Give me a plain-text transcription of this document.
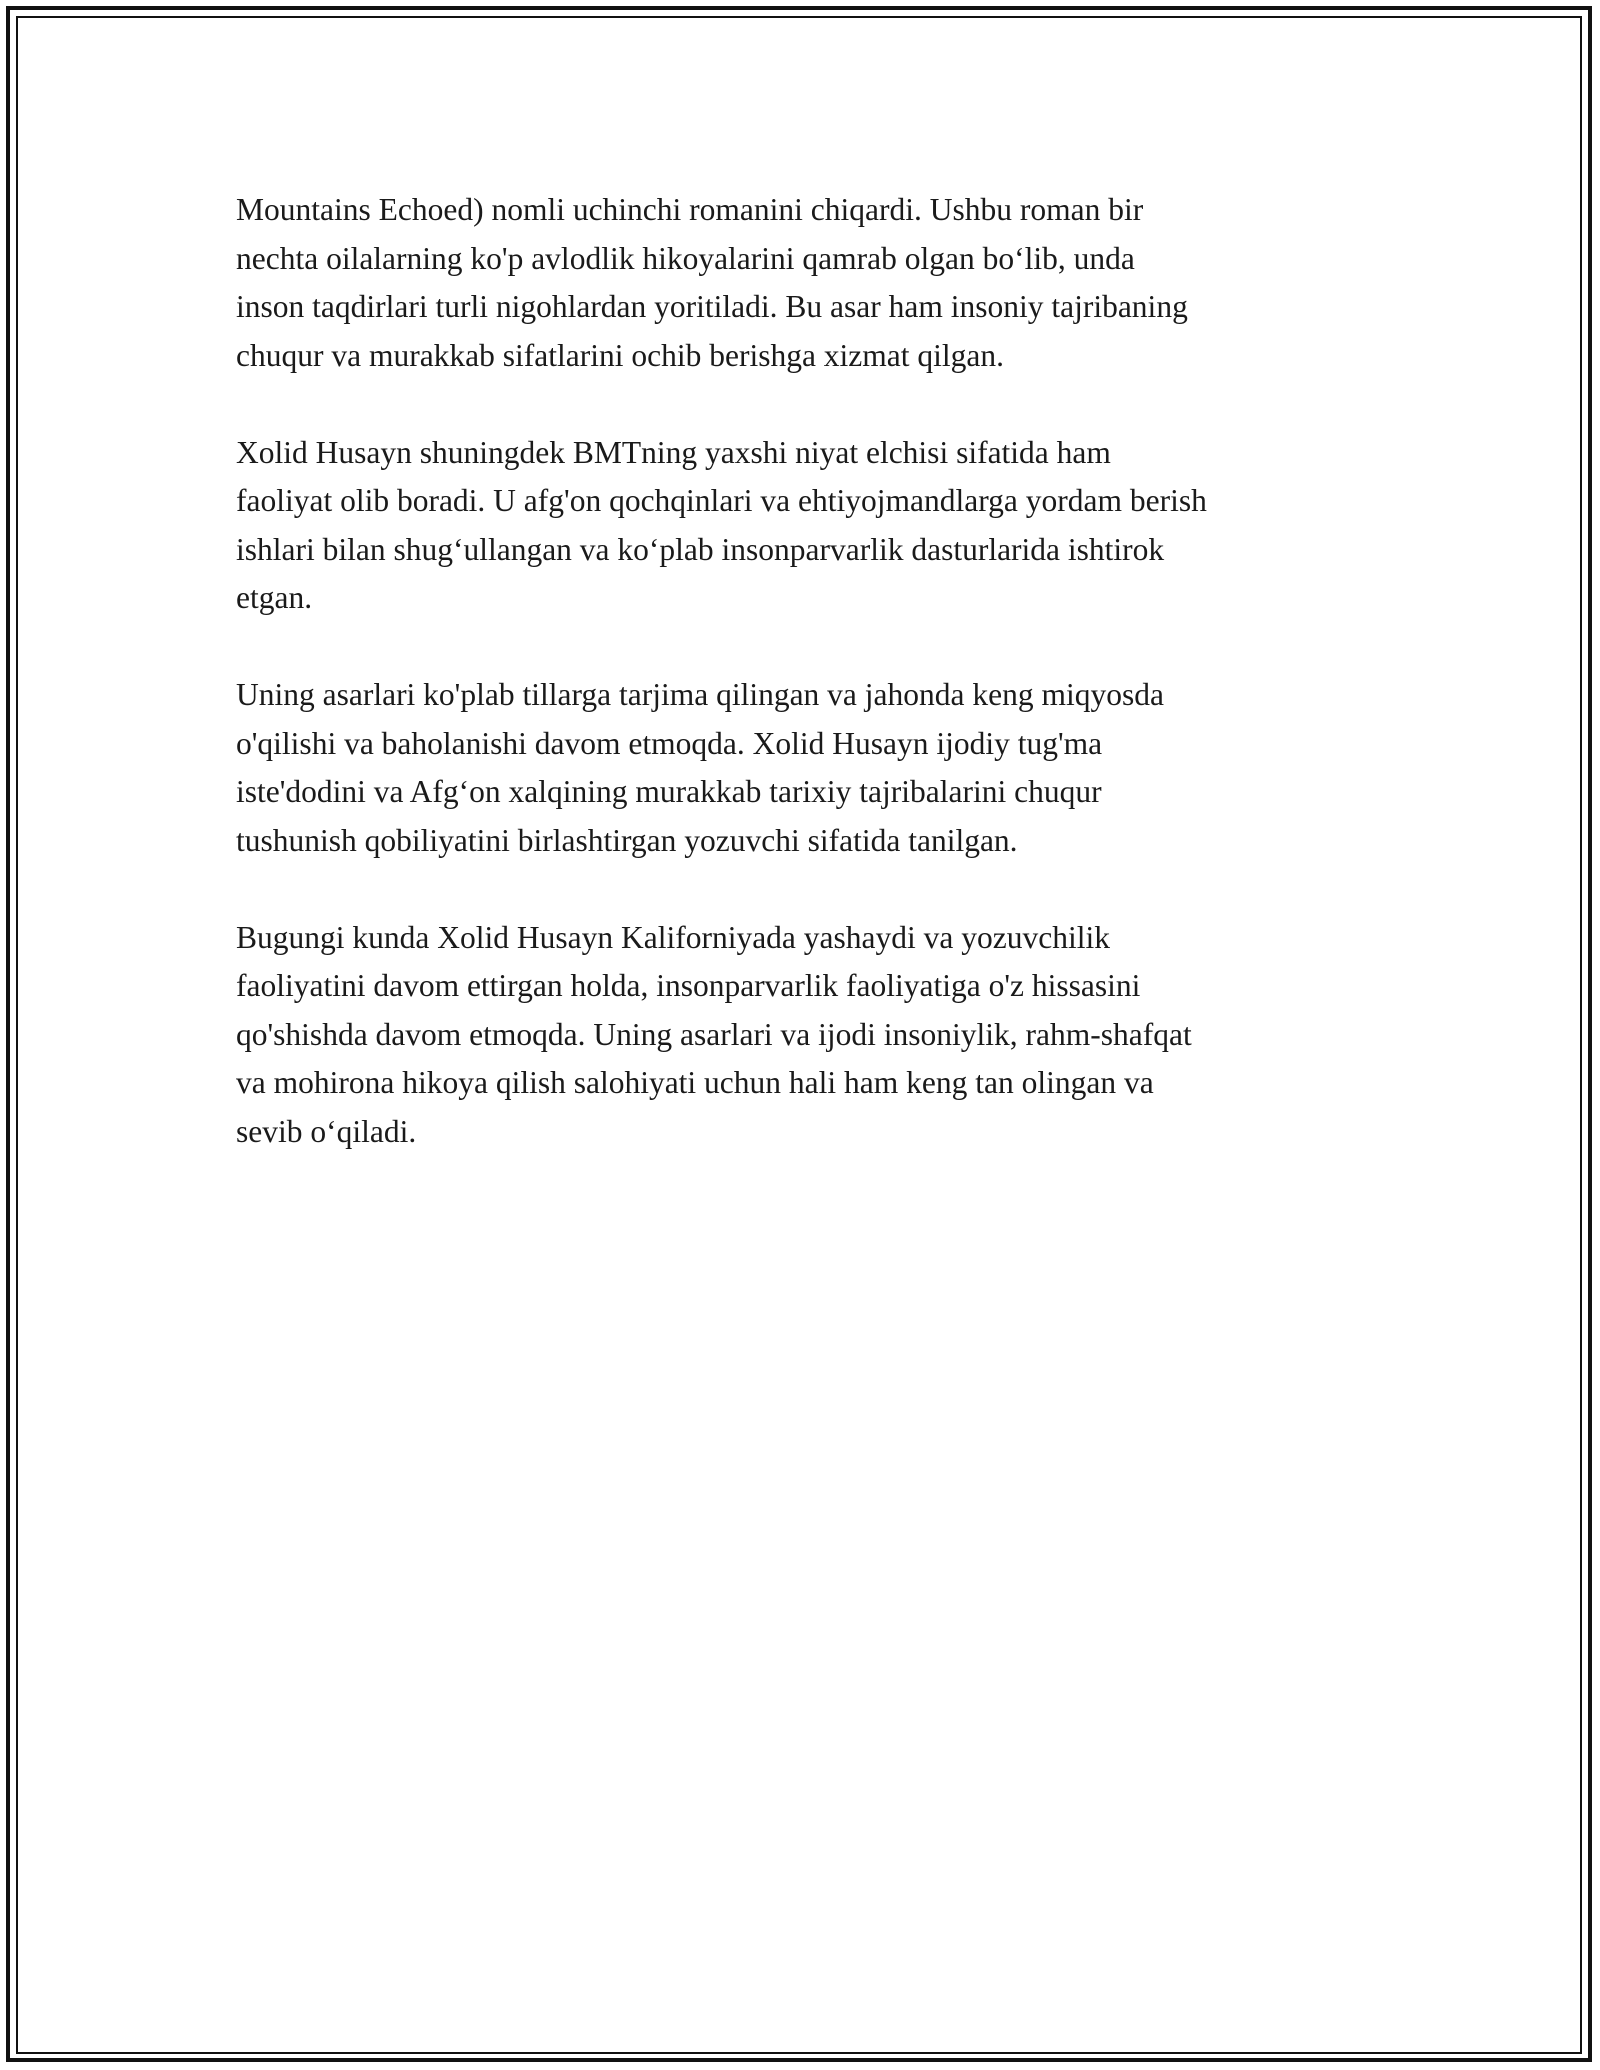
Mountains Echoed) nomli uchinchi romanini chiqardi. Ushbu roman bir
nechta oilalarning ko'p avlodlik hikoyalarini qamrab olgan bo‘lib, unda
inson taqdirlari turli nigohlardan yoritiladi. Bu asar ham insoniy tajribaning
chuqur va murakkab sifatlarini ochib berishga xizmat qilgan.

Xolid Husayn shuningdek BMTning yaxshi niyat elchisi sifatida ham
faoliyat olib boradi. U afg'on qochqinlari va ehtiyojmandlarga yordam berish
ishlari bilan shug‘ullangan va ko‘plab insonparvarlik dasturlarida ishtirok
etgan.

Uning asarlari ko'plab tillarga tarjima qilingan va jahonda keng miqyosda
o'qilishi va baholanishi davom etmoqda. Xolid Husayn ijodiy tug'ma
iste'dodini va Afg‘on xalqining murakkab tarixiy tajribalarini chuqur
tushunish qobiliyatini birlashtirgan yozuvchi sifatida tanilgan.

Bugungi kunda Xolid Husayn Kaliforniyada yashaydi va yozuvchilik
faoliyatini davom ettirgan holda, insonparvarlik faoliyatiga o'z hissasini
qo'shishda davom etmoqda. Uning asarlari va ijodi insoniylik, rahm-shafqat
va mohirona hikoya qilish salohiyati uchun hali ham keng tan olingan va
sevib o‘qiladi.
